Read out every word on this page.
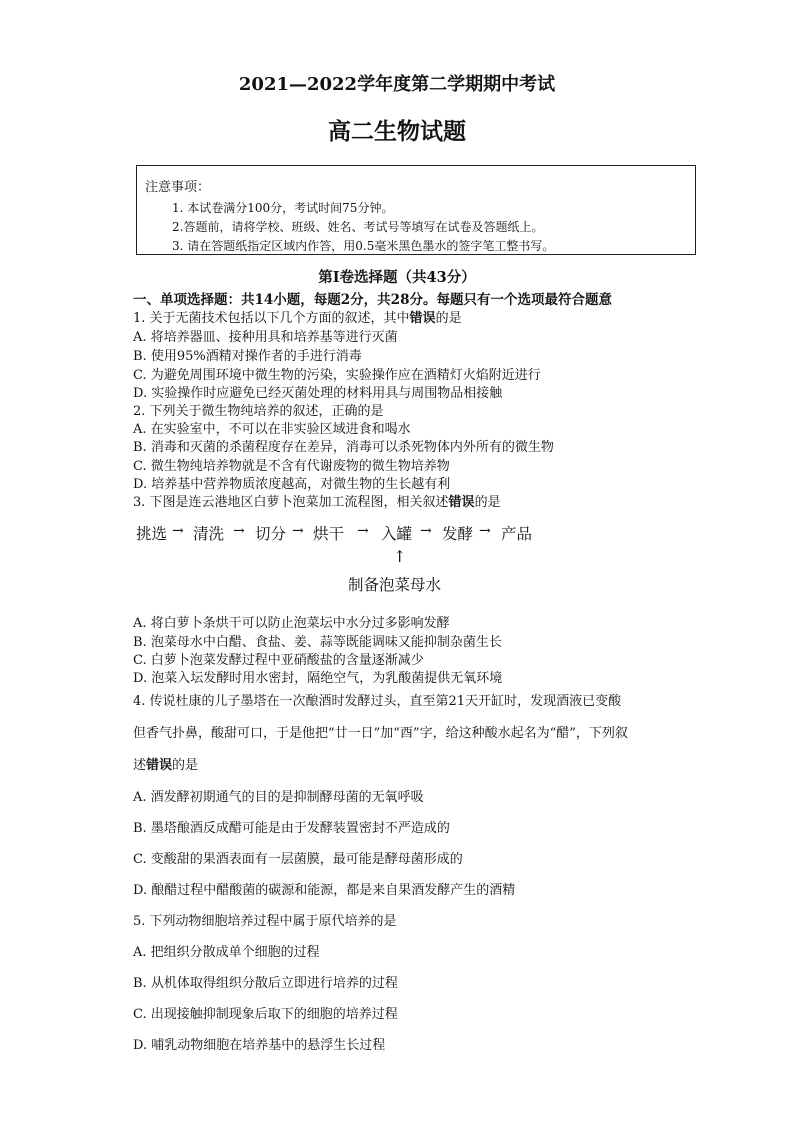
2021—2022学年度第二学期期中考试
高二生物试题
注意事项：
1. 本试卷满分100分，考试时间75分钟。
2.答题前，请将学校、班级、姓名、考试号等填写在试卷及答题纸上。
3. 请在答题纸指定区域内作答，用0.5毫米黑色墨水的签字笔工整书写。
第Ⅰ卷选择题（共43分）
一、单项选择题：共14小题，每题2分，共28分。每题只有一个选项最符合题意
1. 关于无菌技术包括以下几个方面的叙述，其中错误的是
A. 将培养器皿、接种用具和培养基等进行灭菌
B. 使用95%酒精对操作者的手进行消毒
C. 为避免周围环境中微生物的污染，实验操作应在酒精灯火焰附近进行
D. 实验操作时应避免已经灭菌处理的材料用具与周围物品相接触
2. 下列关于微生物纯培养的叙述，正确的是
A. 在实验室中，不可以在非实验区域进食和喝水
B. 消毒和灭菌的杀菌程度存在差异，消毒可以杀死物体内外所有的微生物
C. 微生物纯培养物就是不含有代谢废物的微生物培养物
D. 培养基中营养物质浓度越高，对微生物的生长越有利
3. 下图是连云港地区白萝卜泡菜加工流程图，相关叙述错误的是
挑选 → 清洗 → 切分 → 烘干 → 入罐 → 发酵 → 产品
↑
制备泡菜母水
A. 将白萝卜条烘干可以防止泡菜坛中水分过多影响发酵
B. 泡菜母水中白醋、食盐、姜、蒜等既能调味又能抑制杂菌生长
C. 白萝卜泡菜发酵过程中亚硝酸盐的含量逐渐减少
D. 泡菜入坛发酵时用水密封，隔绝空气，为乳酸菌提供无氧环境
4. 传说杜康的儿子墨塔在一次酿酒时发酵过头，直至第21天开缸时，发现酒液已变酸
但香气扑鼻，酸甜可口，于是他把“廿一日”加“酉”字，给这种酸水起名为“醋”，下列叙
述错误的是
A. 酒发酵初期通气的目的是抑制酵母菌的无氧呼吸
B. 墨塔酿酒反成醋可能是由于发酵装置密封不严造成的
C. 变酸甜的果酒表面有一层菌膜，最可能是酵母菌形成的
D. 酿醋过程中醋酸菌的碳源和能源，都是来自果酒发酵产生的酒精
5. 下列动物细胞培养过程中属于原代培养的是
A. 把组织分散成单个细胞的过程
B. 从机体取得组织分散后立即进行培养的过程
C. 出现接触抑制现象后取下的细胞的培养过程
D. 哺乳动物细胞在培养基中的悬浮生长过程
